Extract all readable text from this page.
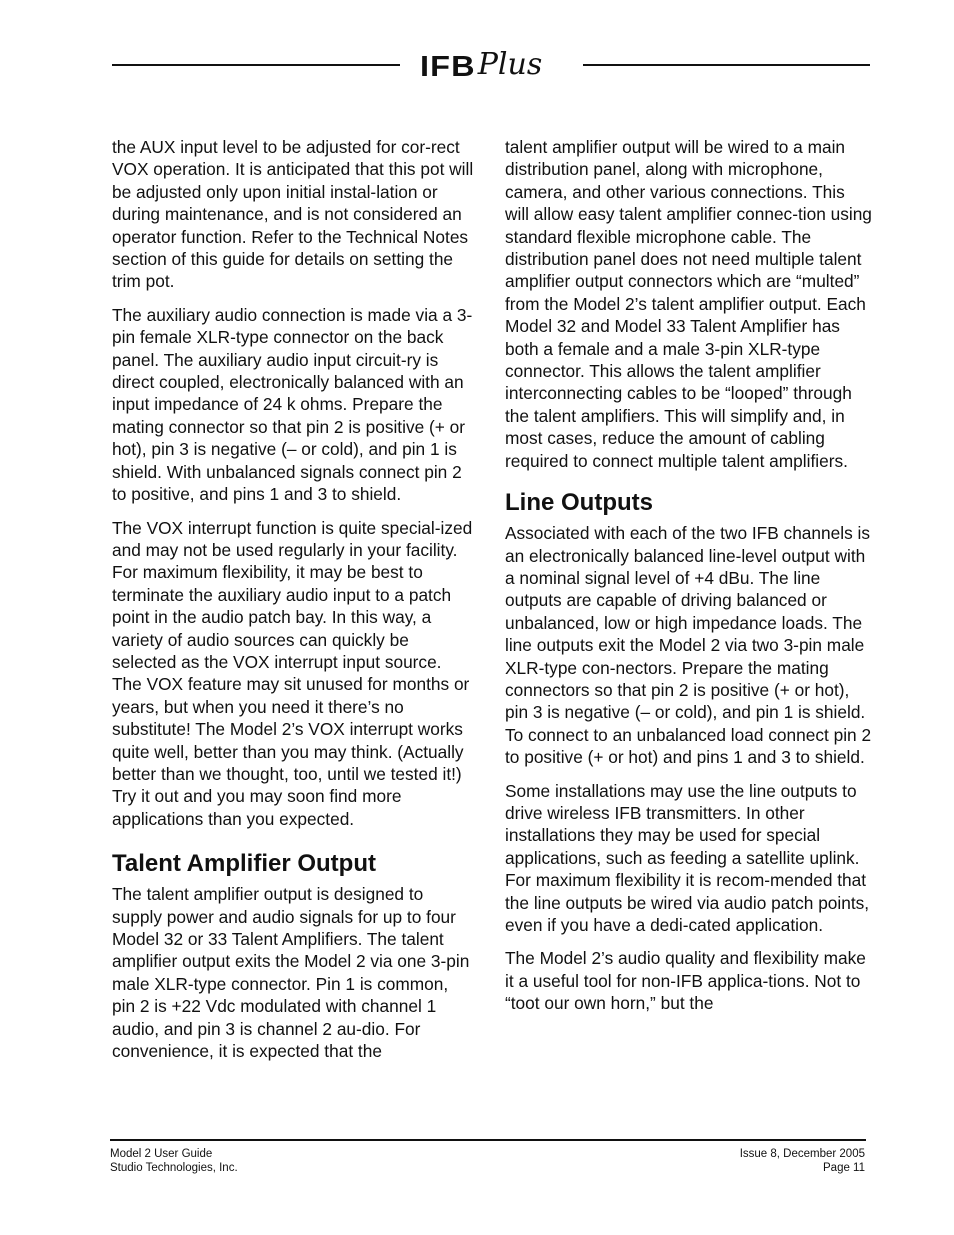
IFB Plus

the AUX input level to be adjusted for cor-rect VOX operation. It is anticipated that this pot will be adjusted only upon initial instal-lation or during maintenance, and is not considered an operator function. Refer to the Technical Notes section of this guide for details on setting the trim pot.

The auxiliary audio connection is made via a 3-pin female XLR-type connector on the back panel. The auxiliary audio input circuit-ry is direct coupled, electronically balanced with an input impedance of 24 k ohms. Prepare the mating connector so that pin 2 is positive (+ or hot), pin 3 is negative (– or cold), and pin 1 is shield. With unbalanced signals connect pin 2 to positive, and pins 1 and 3 to shield.

The VOX interrupt function is quite special-ized and may not be used regularly in your facility. For maximum flexibility, it may be best to terminate the auxiliary audio input to a patch point in the audio patch bay. In this way, a variety of audio sources can quickly be selected as the VOX interrupt input source. The VOX feature may sit unused for months or years, but when you need it there’s no substitute! The Model 2’s VOX interrupt works quite well, better than you may think. (Actually better than we thought, too, until we tested it!) Try it out and you may soon find more applications than you expected.

Talent Amplifier Output

The talent amplifier output is designed to supply power and audio signals for up to four Model 32 or 33 Talent Amplifiers. The talent amplifier output exits the Model 2 via one 3-pin male XLR-type connector. Pin 1 is common, pin 2 is +22 Vdc modulated with channel 1 audio, and pin 3 is channel 2 au-dio. For convenience, it is expected that the

talent amplifier output will be wired to a main distribution panel, along with microphone, camera, and other various connections. This will allow easy talent amplifier connec-tion using standard flexible microphone cable. The distribution panel does not need multiple talent amplifier output connectors which are “multed” from the Model 2’s talent amplifier output. Each Model 32 and Model 33 Talent Amplifier has both a female and a male 3-pin XLR-type connector. This allows the talent amplifier interconnecting cables to be “looped” through the talent amplifiers. This will simplify and, in most cases, reduce the amount of cabling required to connect multiple talent amplifiers.

Line Outputs

Associated with each of the two IFB channels is an electronically balanced line-level output with a nominal signal level of +4 dBu. The line outputs are capable of driving balanced or unbalanced, low or high impedance loads. The line outputs exit the Model 2 via two 3-pin male XLR-type con-nectors. Prepare the mating connectors so that pin 2 is positive (+ or hot), pin 3 is negative (– or cold), and pin 1 is shield. To connect to an unbalanced load connect pin 2 to positive (+ or hot) and pins 1 and 3 to shield.

Some installations may use the line outputs to drive wireless IFB transmitters. In other installations they may be used for special applications, such as feeding a satellite uplink. For maximum flexibility it is recom-mended that the line outputs be wired via audio patch points, even if you have a dedi-cated application.

The Model 2’s audio quality and flexibility make it a useful tool for non-IFB applica-tions. Not to “toot our own horn,” but the

Model 2 User Guide
Studio Technologies, Inc.
Issue 8, December 2005
Page 11
